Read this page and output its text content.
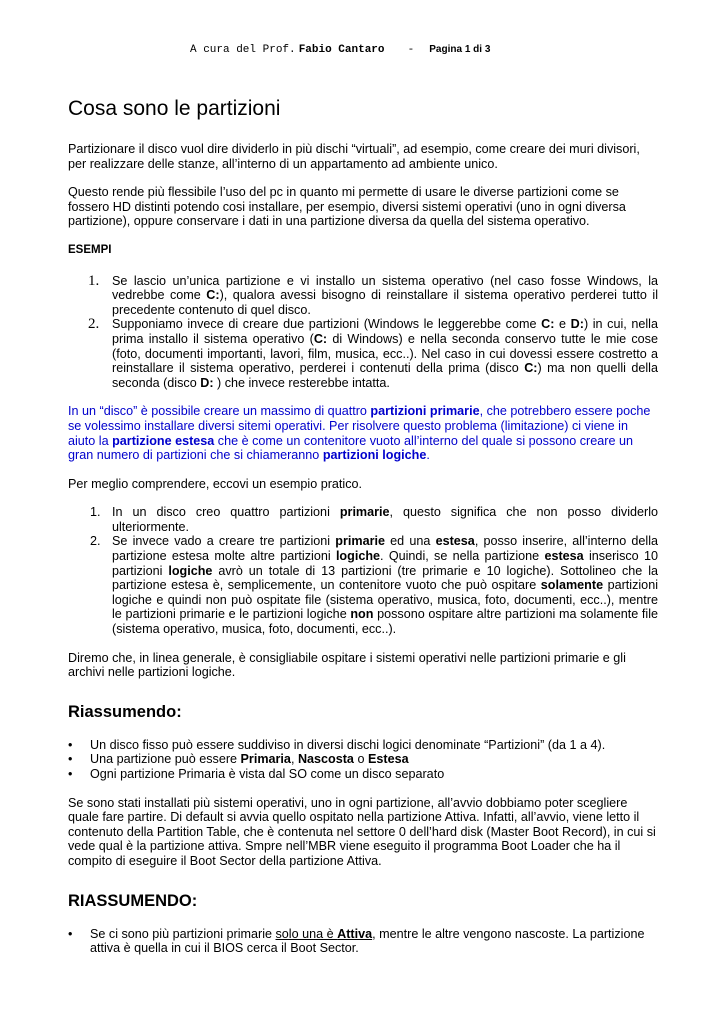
A cura del Prof. Fabio Cantaro - Pagina 1 di 3
Cosa sono le partizioni

Partizionare il disco vuol dire dividerlo in più dischi “virtuali”, ad esempio, come creare dei muri divisori, per realizzare delle stanze, all’interno di un appartamento ad ambiente unico.

Questo rende più flessibile l’uso del pc in quanto mi permette di usare le diverse partizioni come se fossero HD distinti potendo cosi installare, per esempio, diversi sistemi operativi (uno in ogni diversa partizione), oppure conservare i dati in una partizione diversa da quella del sistema operativo.

ESEMPI

1.	Se lascio un’unica partizione e vi installo un sistema operativo (nel caso fosse Windows, la vedrebbe come C:), qualora avessi bisogno di reinstallare il sistema operativo perderei tutto il precedente contenuto di quel disco.
2.	Supponiamo invece di creare due partizioni (Windows le leggerebbe come C: e D:) in cui, nella prima installo il sistema operativo (C: di Windows) e nella seconda conservo tutte le mie cose (foto, documenti importanti, lavori, film, musica, ecc..). Nel caso in cui dovessi essere costretto a reinstallare il sistema operativo, perderei i contenuti della prima (disco C:) ma non quelli della seconda (disco D: ) che invece resterebbe intatta.

In un “disco” è possibile creare un massimo di quattro partizioni primarie, che potrebbero essere poche se volessimo installare diversi sitemi operativi. Per risolvere questo problema (limitazione) ci viene in aiuto la partizione estesa che è come un contenitore vuoto all’interno del quale si possono creare un gran numero di partizioni che si chiameranno partizioni logiche.

Per meglio comprendere, eccovi un esempio pratico.

1. In un disco creo quattro partizioni primarie, questo significa che non posso dividerlo ulteriormente.
2. Se invece vado a creare tre partizioni primarie ed una estesa, posso inserire, all’interno della partizione estesa molte altre partizioni logiche. Quindi, se nella partizione estesa inserisco 10 partizioni logiche avrò un totale di 13 partizioni (tre primarie e 10 logiche). Sottolineo che la partizione estesa è, semplicemente, un contenitore vuoto che può ospitare solamente partizioni logiche e quindi non può ospitate file (sistema operativo, musica, foto, documenti, ecc..), mentre le partizioni primarie e le partizioni logiche non possono ospitare altre partizioni ma solamente file (sistema operativo, musica, foto, documenti, ecc..).

Diremo che, in linea generale, è consigliabile ospitare i sistemi operativi nelle partizioni primarie e gli archivi nelle partizioni logiche.

Riassumendo:
•	Un disco fisso può essere suddiviso in diversi dischi logici denominate “Partizioni” (da 1 a 4).
•	Una partizione può essere Primaria, Nascosta o Estesa
•	Ogni partizione Primaria è vista dal SO come un disco separato

Se sono stati installati più sistemi operativi, uno in ogni partizione, all’avvio dobbiamo poter scegliere quale fare partire. Di default si avvia quello ospitato nella partizione Attiva. Infatti, all’avvio, viene letto il contenuto della Partition Table, che è contenuta nel settore 0 dell’hard disk (Master Boot Record), in cui si vede qual è la partizione attiva. Smpre nell’MBR viene eseguito il programma Boot Loader che ha il compito di eseguire il Boot Sector della partizione Attiva.

RIASSUMENDO:
•	Se ci sono più partizioni primarie solo una è Attiva, mentre le altre vengono nascoste. La partizione attiva è quella in cui il BIOS cerca il Boot Sector.
